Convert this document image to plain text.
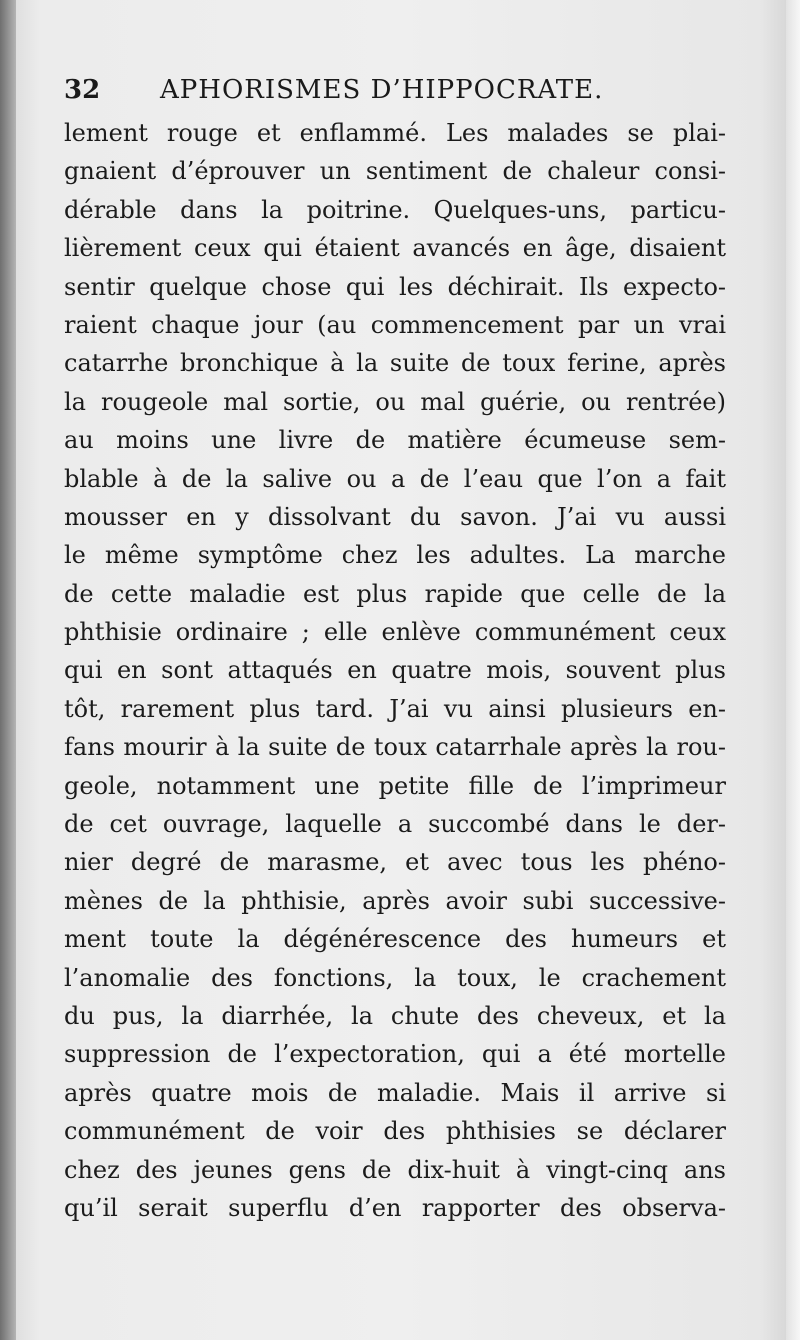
32 APHORISMES D’HIPPOCRATE.
lement rouge et enflammé. Les malades se plai-
gnaient d’éprouver un sentiment de chaleur consi-
dérable dans la poitrine. Quelques-uns, particu-
lièrement ceux qui étaient avancés en âge, disaient
sentir quelque chose qui les déchirait. Ils expecto-
raient chaque jour (au commencement par un vrai
catarrhe bronchique à la suite de toux ferine, après
la rougeole mal sortie, ou mal guérie, ou rentrée)
au moins une livre de matière écumeuse sem-
blable à de la salive ou a de l’eau que l’on a fait
mousser en y dissolvant du savon. J’ai vu aussi
le même symptôme chez les adultes. La marche
de cette maladie est plus rapide que celle de la
phthisie ordinaire ; elle enlève communément ceux
qui en sont attaqués en quatre mois, souvent plus
tôt, rarement plus tard. J’ai vu ainsi plusieurs en-
fans mourir à la suite de toux catarrhale après la rou-
geole, notamment une petite fille de l’imprimeur
de cet ouvrage, laquelle a succombé dans le der-
nier degré de marasme, et avec tous les phéno-
mènes de la phthisie, après avoir subi successive-
ment toute la dégénérescence des humeurs et
l’anomalie des fonctions, la toux, le crachement
du pus, la diarrhée, la chute des cheveux, et la
suppression de l’expectoration, qui a été mortelle
après quatre mois de maladie. Mais il arrive si
communément de voir des phthisies se déclarer
chez des jeunes gens de dix-huit à vingt-cinq ans
qu’il serait superflu d’en rapporter des observa-
